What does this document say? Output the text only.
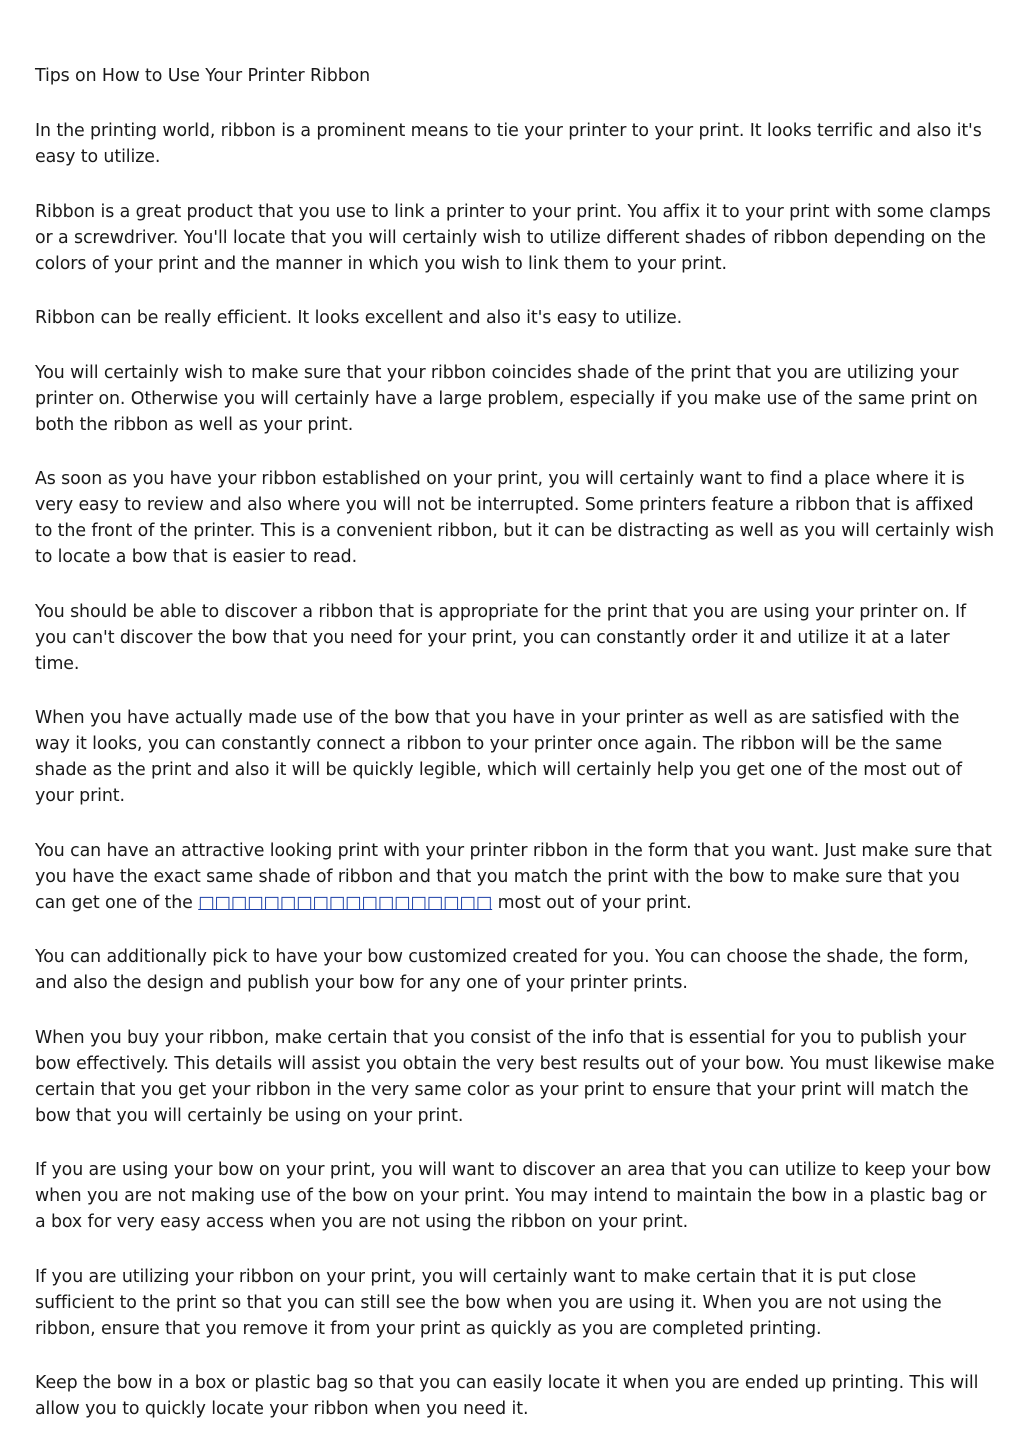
Tips on How to Use Your Printer Ribbon

In the printing world, ribbon is a prominent means to tie your printer to your print. It looks terrific and also it's easy to utilize.

Ribbon is a great product that you use to link a printer to your print. You affix it to your print with some clamps or a screwdriver. You'll locate that you will certainly wish to utilize different shades of ribbon depending on the colors of your print and the manner in which you wish to link them to your print.

Ribbon can be really efficient. It looks excellent and also it's easy to utilize.

You will certainly wish to make sure that your ribbon coincides shade of the print that you are utilizing your printer on. Otherwise you will certainly have a large problem, especially if you make use of the same print on both the ribbon as well as your print.

As soon as you have your ribbon established on your print, you will certainly want to find a place where it is very easy to review and also where you will not be interrupted. Some printers feature a ribbon that is affixed to the front of the printer. This is a convenient ribbon, but it can be distracting as well as you will certainly wish to locate a bow that is easier to read.

You should be able to discover a ribbon that is appropriate for the print that you are using your printer on. If you can't discover the bow that you need for your print, you can constantly order it and utilize it at a later time.

When you have actually made use of the bow that you have in your printer as well as are satisfied with the way it looks, you can constantly connect a ribbon to your printer once again. The ribbon will be the same shade as the print and also it will be quickly legible, which will certainly help you get one of the most out of your print.

You can have an attractive looking print with your printer ribbon in the form that you want. Just make sure that you have the exact same shade of ribbon and that you match the print with the bow to make sure that you can get one of the □□□□□□□□□□□□□□□□□□ most out of your print.

You can additionally pick to have your bow customized created for you. You can choose the shade, the form, and also the design and publish your bow for any one of your printer prints.

When you buy your ribbon, make certain that you consist of the info that is essential for you to publish your bow effectively. This details will assist you obtain the very best results out of your bow. You must likewise make certain that you get your ribbon in the very same color as your print to ensure that your print will match the bow that you will certainly be using on your print.

If you are using your bow on your print, you will want to discover an area that you can utilize to keep your bow when you are not making use of the bow on your print. You may intend to maintain the bow in a plastic bag or a box for very easy access when you are not using the ribbon on your print.

If you are utilizing your ribbon on your print, you will certainly want to make certain that it is put close sufficient to the print so that you can still see the bow when you are using it. When you are not using the ribbon, ensure that you remove it from your print as quickly as you are completed printing.

Keep the bow in a box or plastic bag so that you can easily locate it when you are ended up printing. This will allow you to quickly locate your ribbon when you need it.
